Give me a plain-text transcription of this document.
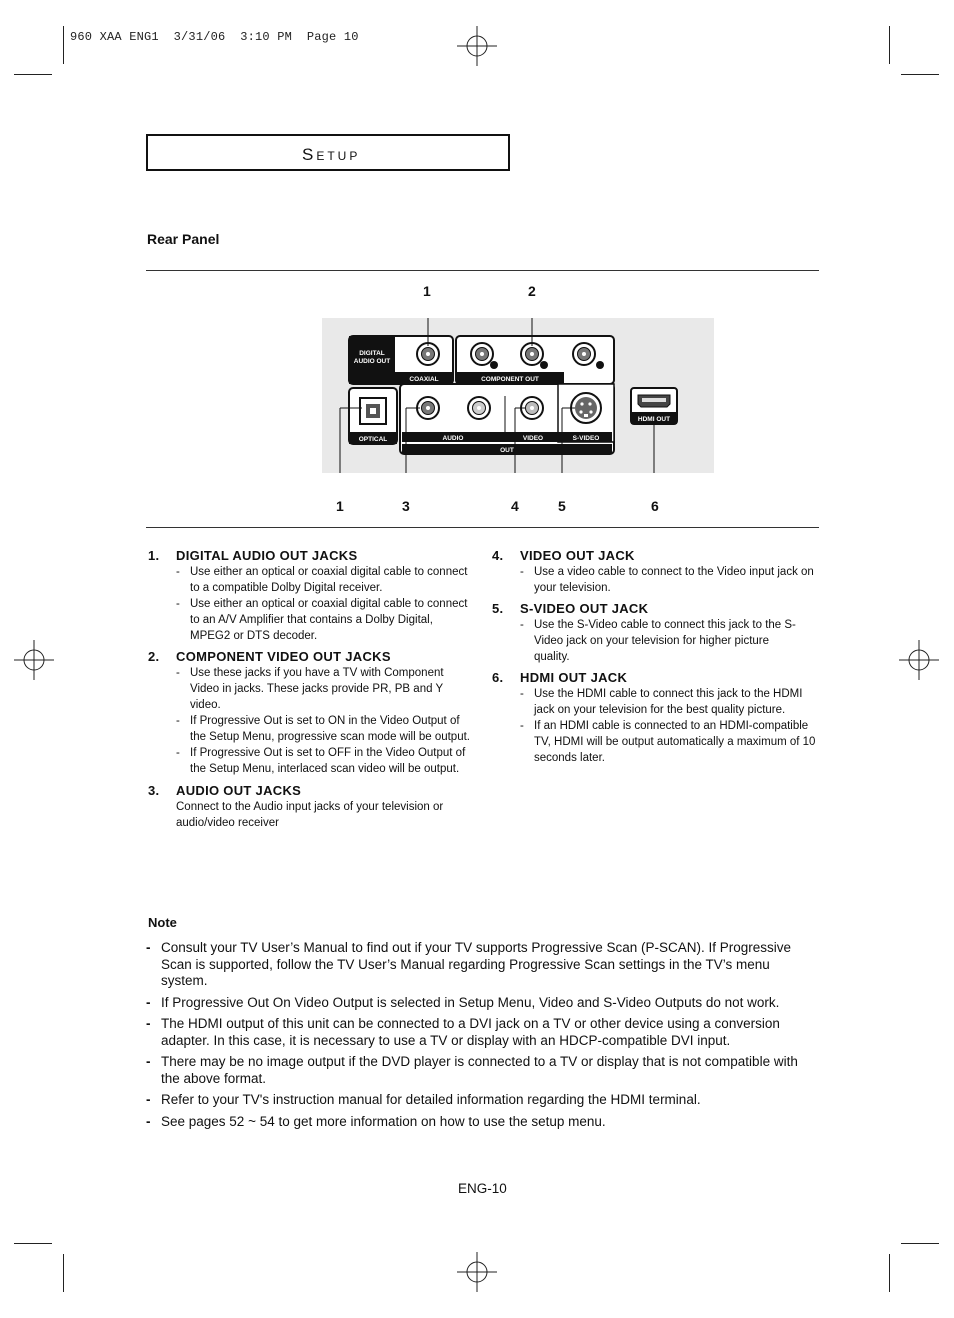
960 XAA ENG1  3/31/06  3:10 PM  Page 10
Setup
Rear Panel
DIGITAL
AUDIO OUT
COAXIAL	COMPONENT OUT
OPTICAL	AUDIO	VIDEO	S-VIDEO
OUT
HDMI OUT
1	2
1	3	4	5	6

1. DIGITAL AUDIO OUT JACKS

- Use either an optical or coaxial digital cable to connect to a compatible Dolby Digital receiver.
- Use either an optical or coaxial digital cable to connect to an A/V Amplifier that contains a Dolby Digital, MPEG2 or DTS decoder.

2. COMPONENT VIDEO OUT JACKS

- Use these jacks if you have a TV with Component Video in jacks. These jacks provide PR, PB and Y video.
- If Progressive Out is set to ON in the Video Output of the Setup Menu, progressive scan mode will be output.
- If Progressive Out is set to OFF in the Video Output of the Setup Menu, interlaced scan video will be output.

3. AUDIO OUT JACKS

Connect to the Audio input jacks of your television or audio/video receiver

4. VIDEO OUT JACK

- Use a video cable to connect to the Video input jack on your television.

5. S-VIDEO OUT JACK

- Use the S-Video cable to connect this jack to the S-Video jack on your television for higher picture quality.

6. HDMI OUT JACK

- Use the HDMI cable to connect this jack to the HDMI jack on your television for the best quality picture.
- If an HDMI cable is connected to an HDMI-compatible TV, HDMI will be output automatically a maximum of 10 seconds later.
Note
- Consult your TV User’s Manual to find out if your TV supports Progressive Scan (P-SCAN). If Progressive Scan is supported, follow the TV User’s Manual regarding Progressive Scan settings in the TV’s menu system.
- If Progressive Out On Video Output is selected in Setup Menu, Video and S-Video Outputs do not work.
- The HDMI output of this unit can be connected to a DVI jack on a TV or other device using a conversion adapter. In this case, it is necessary to use a TV or display with an HDCP-compatible DVI input.
- There may be no image output if the DVD player is connected to a TV or display that is not compatible with the above format.
- Refer to your TV's instruction manual for detailed information regarding the HDMI terminal.
- See pages 52 ~ 54 to get more information on how to use the setup menu.
ENG-10
